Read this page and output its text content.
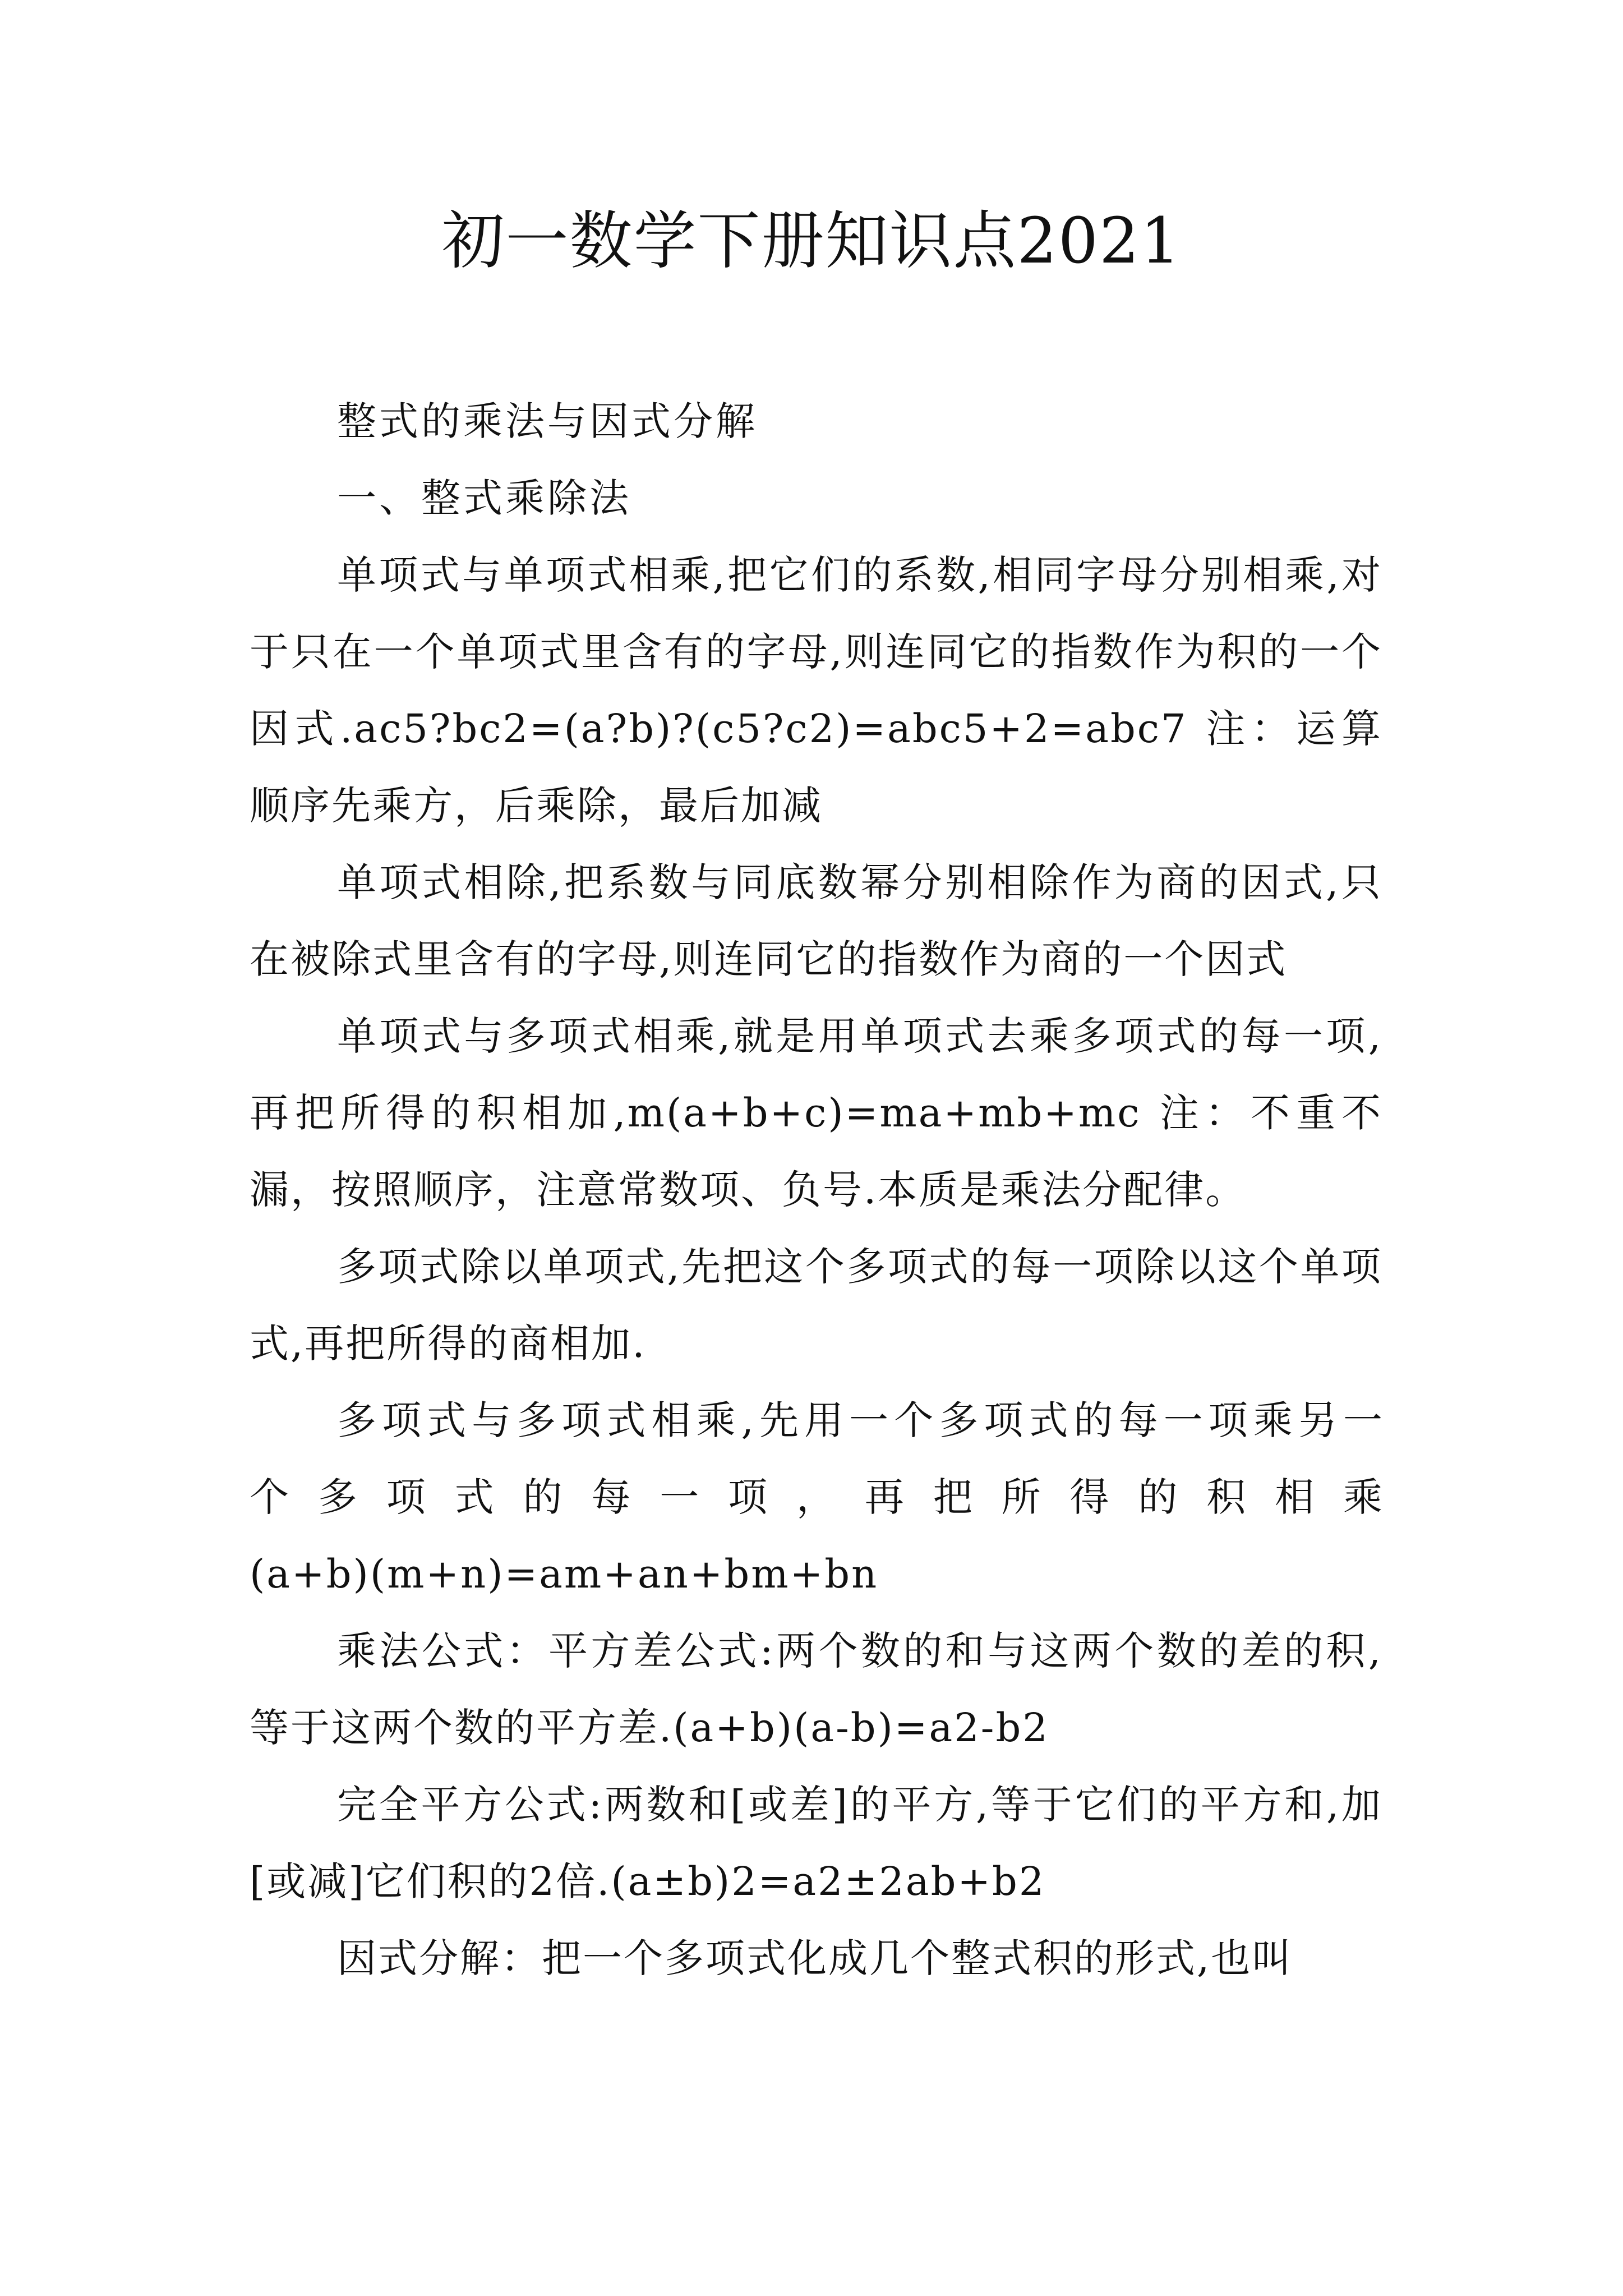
初一数学下册知识点2021

整式的乘法与因式分解

一、整式乘除法

单项式与单项式相乘,把它们的系数,相同字母分别相乘,对于只在一个单项式里含有的字母,则连同它的指数作为积的一个因式.ac5?bc2=(a?b)?(c5?c2)=abc5+2=abc7 注：运算顺序先乘方，后乘除，最后加减

单项式相除,把系数与同底数幂分别相除作为商的因式,只在被除式里含有的字母,则连同它的指数作为商的一个因式

单项式与多项式相乘,就是用单项式去乘多项式的每一项,再把所得的积相加,m(a+b+c)=ma+mb+mc 注：不重不漏，按照顺序，注意常数项、负号.本质是乘法分配律。

多项式除以单项式,先把这个多项式的每一项除以这个单项式,再把所得的商相加.

多项式与多项式相乘,先用一个多项式的每一项乘另一

个多项式的每一项，再把所得的积相乘

(a+b)(m+n)=am+an+bm+bn

乘法公式：平方差公式:两个数的和与这两个数的差的积,等于这两个数的平方差.(a+b)(a-b)=a2-b2

完全平方公式:两数和[或差]的平方,等于它们的平方和,加[或减]它们积的2倍.(a±b)2=a2±2ab+b2

因式分解：把一个多项式化成几个整式积的形式,也叫
